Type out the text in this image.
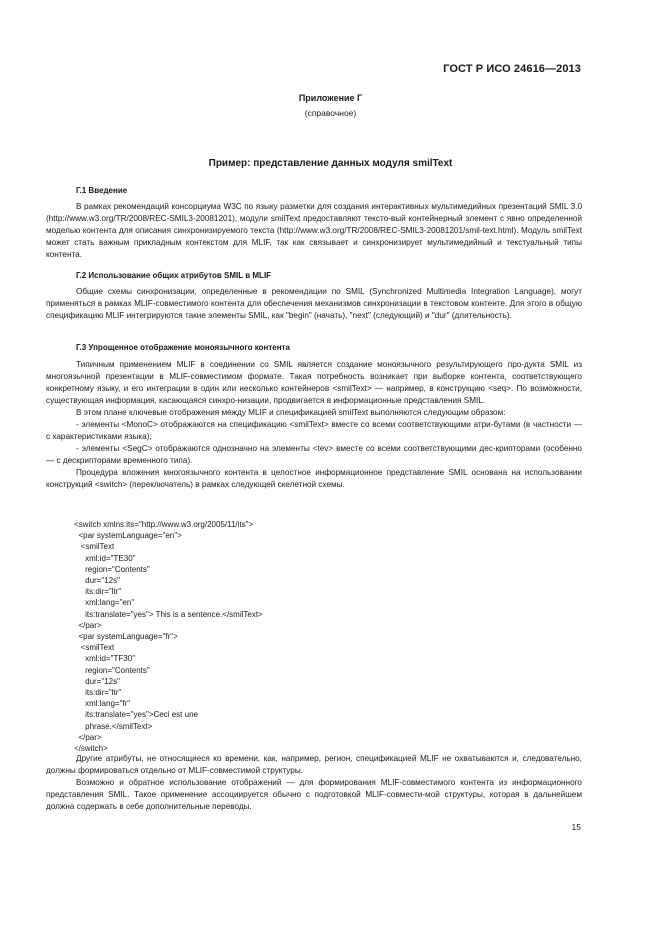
ГОСТ Р ИСО 24616—2013
Приложение Г
(справочное)
Пример: представление данных модуля smilText
Г.1 Введение

В рамках рекомендаций консорциума W3C по языку разметки для создания интерактивных мультимедийных презентаций SMIL 3.0 (http://www.w3.org/TR/2008/REC-SMIL3-20081201), модули smilText предоставляют тексто-вый контейнерный элемент с явно определенной моделью контента для описания синхронизируемого текста (http://www.w3.org/TR/2008/REC-SMIL3-20081201/smil-text.html). Модуль smilText может стать важным прикладным контекстом для MLIF, так как связывает и синхронизирует мультимедийный и текстуальный типы контента.

Г.2 Использование общих атрибутов SMIL в MLIF

Общие схемы синхронизации, определенные в рекомендации по SMIL (Synchronized Multimedia Integration Language), могут применяться в рамках MLIF-совместимого контента для обеспечения механизмов синхронизации в текстовом контенте. Для этого в общую спецификацию MLIF интегрируются такие элементы SMIL, как "begin" (начать), "next" (следующий) и "dur" (длительность).

Г.3 Упрощенное отображение моноязычного контента

Типичным применением MLIF в соединении со SMIL является создание моноязычного результирующего про-дукта SMIL из многоязычной презентации в MLIF-совместимом формате. Такая потребность возникает при выборке контента, соответствующего конкретному языку, и его интеграции в один или несколько контейнеров <smilText> — например, в конструкцию <seq>. По возможности, существующая информация, касающаяся синхро-низации, продвигается в информационные представления SMIL.

В этом плане ключевые отображения между MLIF и спецификацией smilText выполняются следующим образом:

- элементы <MonoC> отображаются на спецификацию <smilText> вместе со всеми соответствующими атри-бутами (в частности — с характеристиками языка);

- элементы <SegC> отображаются однозначно на элементы <tev> вместе со всеми соответствующими дес-крипторами (особенно — с дескрипторами временного типа).

Процедура вложения многоязычного контента в целостное информационное представление SMIL основана на использовании конструкций <switch> (переключатель) в рамках следующей скелетной схемы.

<switch xmlns:its="http://www.w3.org/2005/11/its">
<par systemLanguage="en">
<smilText
xml:id="TE30"
region="Contents"
dur="12s"
its:dir="ltr"
xml:lang="en"
its:translate="yes"> This is a sentence.</smilText>
</par>
<par systemLanguage="fr">
<smilText
xml:id="TF30"
region="Contents"
dur="12s"
its:dir="ltr"
xml:lang="fr"
its:translate="yes">Ceci est une
phrase.</smilText>
</par>
</switch>

Другие атрибуты, не относящиеся ко времени, как, например, регион, спецификацией MLIF не охватываются и, следовательно, должны формироваться отдельно от MLIF-совместимой структуры.

Возможно и обратное использование отображений — для формирования MLIF-совместимого контента из информационного представления SMIL. Такое применение ассоциируется обычно с подготовкой MLIF-совмести-мой структуры, которая в дальнейшем должна содержать в себе дополнительные переводы.

15
